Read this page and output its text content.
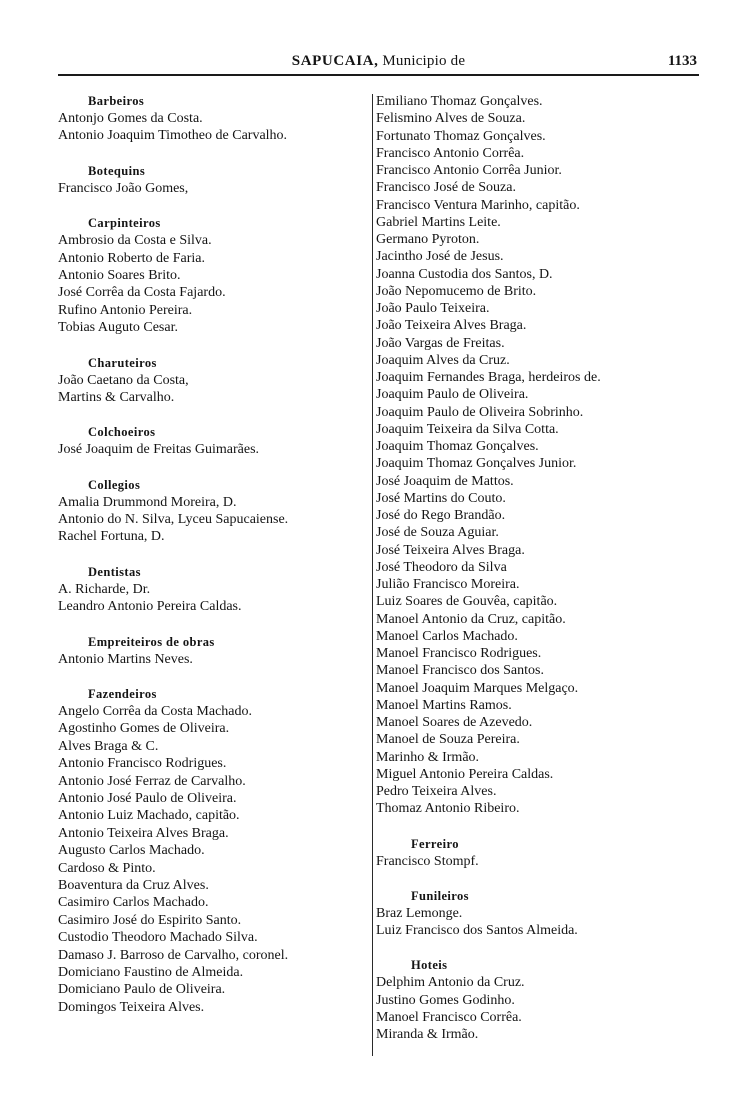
SAPUCAIA, Municipio de	1133
Barbeiros
Antonjo Gomes da Costa.
Antonio Joaquim Timotheo de Carvalho.
Botequins
Francisco João Gomes,
Carpinteiros
Ambrosio da Costa e Silva.
Antonio Roberto de Faria.
Antonio Soares Brito.
José Corrêa da Costa Fajardo.
Rufino Antonio Pereira.
Tobias Auguto Cesar.
Charuteiros
João Caetano da Costa,
Martins & Carvalho.
Colchoeiros
José Joaquim de Freitas Guimarães.
Collegios
Amalia Drummond Moreira, D.
Antonio do N. Silva, Lyceu Sapucaiense.
Rachel Fortuna, D.
Dentistas
A. Richarde, Dr.
Leandro Antonio Pereira Caldas.
Empreiteiros de obras
Antonio Martins Neves.
Fazendeiros
Angelo Corrêa da Costa Machado.
Agostinho Gomes de Oliveira.
Alves Braga & C.
Antonio Francisco Rodrigues.
Antonio José Ferraz de Carvalho.
Antonio José Paulo de Oliveira.
Antonio Luiz Machado, capitão.
Antonio Teixeira Alves Braga.
Augusto Carlos Machado.
Cardoso & Pinto.
Boaventura da Cruz Alves.
Casimiro Carlos Machado.
Casimiro José do Espirito Santo.
Custodio Theodoro Machado Silva.
Damaso J. Barroso de Carvalho, coronel.
Domiciano Faustino de Almeida.
Domiciano Paulo de Oliveira.
Domingos Teixeira Alves.
Emiliano Thomaz Gonçalves.
Felismino Alves de Souza.
Fortunato Thomaz Gonçalves.
Francisco Antonio Corrêa.
Francisco Antonio Corrêa Junior.
Francisco José de Souza.
Francisco Ventura Marinho, capitão.
Gabriel Martins Leite.
Germano Pyroton.
Jacintho José de Jesus.
Joanna Custodia dos Santos, D.
João Nepomucemo de Brito.
João Paulo Teixeira.
João Teixeira Alves Braga.
João Vargas de Freitas.
Joaquim Alves da Cruz.
Joaquim Fernandes Braga, herdeiros de.
Joaquim Paulo de Oliveira.
Joaquim Paulo de Oliveira Sobrinho.
Joaquim Teixeira da Silva Cotta.
Joaquim Thomaz Gonçalves.
Joaquim Thomaz Gonçalves Junior.
José Joaquim de Mattos.
José Martins do Couto.
José do Rego Brandão.
José de Souza Aguiar.
José Teixeira Alves Braga.
José Theodoro da Silva
Julião Francisco Moreira.
Luiz Soares de Gouvêa, capitão.
Manoel Antonio da Cruz, capitão.
Manoel Carlos Machado.
Manoel Francisco Rodrigues.
Manoel Francisco dos Santos.
Manoel Joaquim Marques Melgaço.
Manoel Martins Ramos.
Manoel Soares de Azevedo.
Manoel de Souza Pereira.
Marinho & Irmão.
Miguel Antonio Pereira Caldas.
Pedro Teixeira Alves.
Thomaz Antonio Ribeiro.
Ferreiro
Francisco Stompf.
Funileiros
Braz Lemonge.
Luiz Francisco dos Santos Almeida.
Hoteis
Delphim Antonio da Cruz.
Justino Gomes Godinho.
Manoel Francisco Corrêa.
Miranda & Irmão.
